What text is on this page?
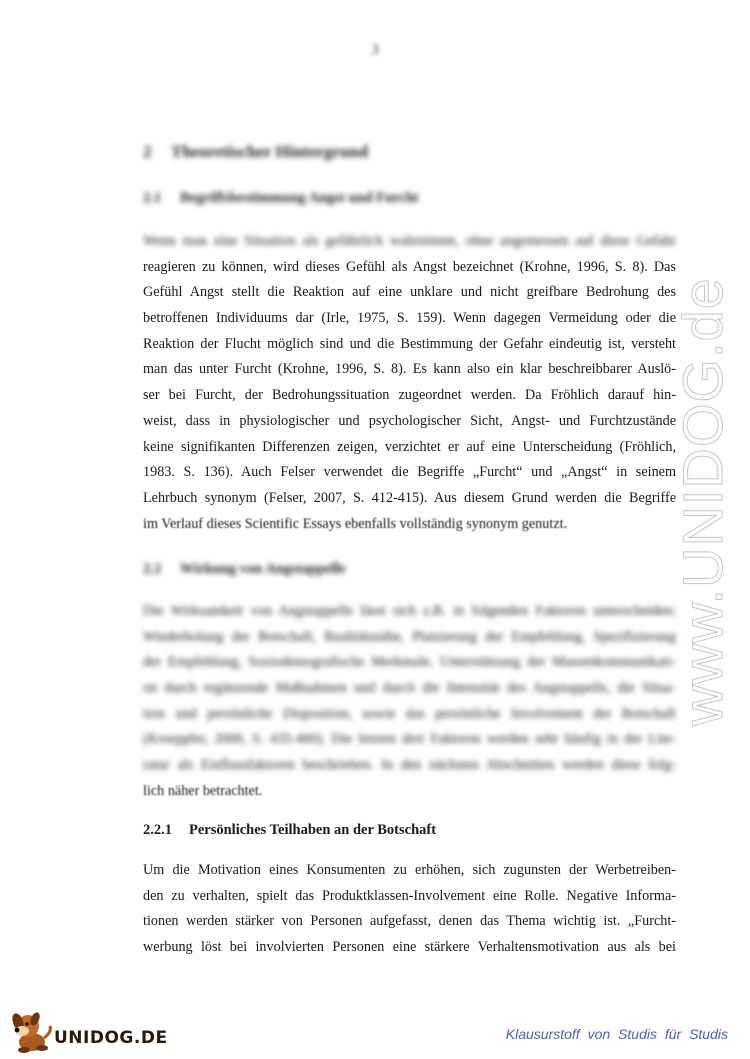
3
2 Theoretischer Hintergrund
2.1 Begriffsbestimmung Angst und Furcht
Wenn man eine Situation als gefährlich wahrnimmt, ohne angemessen auf diese Gefahr
reagieren zu können, wird dieses Gefühl als Angst bezeichnet (Krohne, 1996, S. 8). Das
Gefühl Angst stellt die Reaktion auf eine unklare und nicht greifbare Bedrohung des
betroffenen Individuums dar (Irle, 1975, S. 159). Wenn dagegen Vermeidung oder die
Reaktion der Flucht möglich sind und die Bestimmung der Gefahr eindeutig ist, versteht
man das unter Furcht (Krohne, 1996, S. 8). Es kann also ein klar beschreibbarer Auslö-
ser bei Furcht, der Bedrohungssituation zugeordnet werden. Da Fröhlich darauf hin-
weist, dass in physiologischer und psychologischer Sicht, Angst- und Furchtzustände
keine signifikanten Differenzen zeigen, verzichtet er auf eine Unterscheidung (Fröhlich,
1983. S. 136). Auch Felser verwendet die Begriffe „Furcht“ und „Angst“ in seinem
Lehrbuch synonym (Felser, 2007, S. 412-415). Aus diesem Grund werden die Begriffe
im Verlauf dieses Scientific Essays ebenfalls vollständig synonym genutzt.
2.2 Wirkung von Angstappelle
Die Wirksamkeit von Angstappelle lässt sich z.B. in folgenden Faktoren unterscheiden:
Wiederholung der Botschaft, Realitätsnähe, Platzierung der Empfehlung, Spezifizierung
der Empfehlung, Soziodemografische Merkmale, Unterstützung der Massenkommunikati-
on durch ergänzende Maßnahmen und durch die Intensität des Angstappells, die Situa-
tion und persönliche Disposition, sowie das persönliche Involvement der Botschaft
(Kroeppler, 2000, S. 435-460). Die letzten drei Faktoren werden sehr häufig in der Lite-
ratur als Einflussfaktoren beschrieben. In den nächsten Abschnitten werden diese folg-
lich näher betrachtet.
2.2.1 Persönliches Teilhaben an der Botschaft
Um die Motivation eines Konsumenten zu erhöhen, sich zugunsten der Werbetreiben-
den zu verhalten, spielt das Produktklassen-Involvement eine Rolle. Negative Informa-
tionen werden stärker von Personen aufgefasst, denen das Thema wichtig ist. „Furcht-
werbung löst bei involvierten Personen eine stärkere Verhaltensmotivation aus als bei
www.UNIDOG.de
UNIDOG.DE	Klausurstoff von Studis für Studis
